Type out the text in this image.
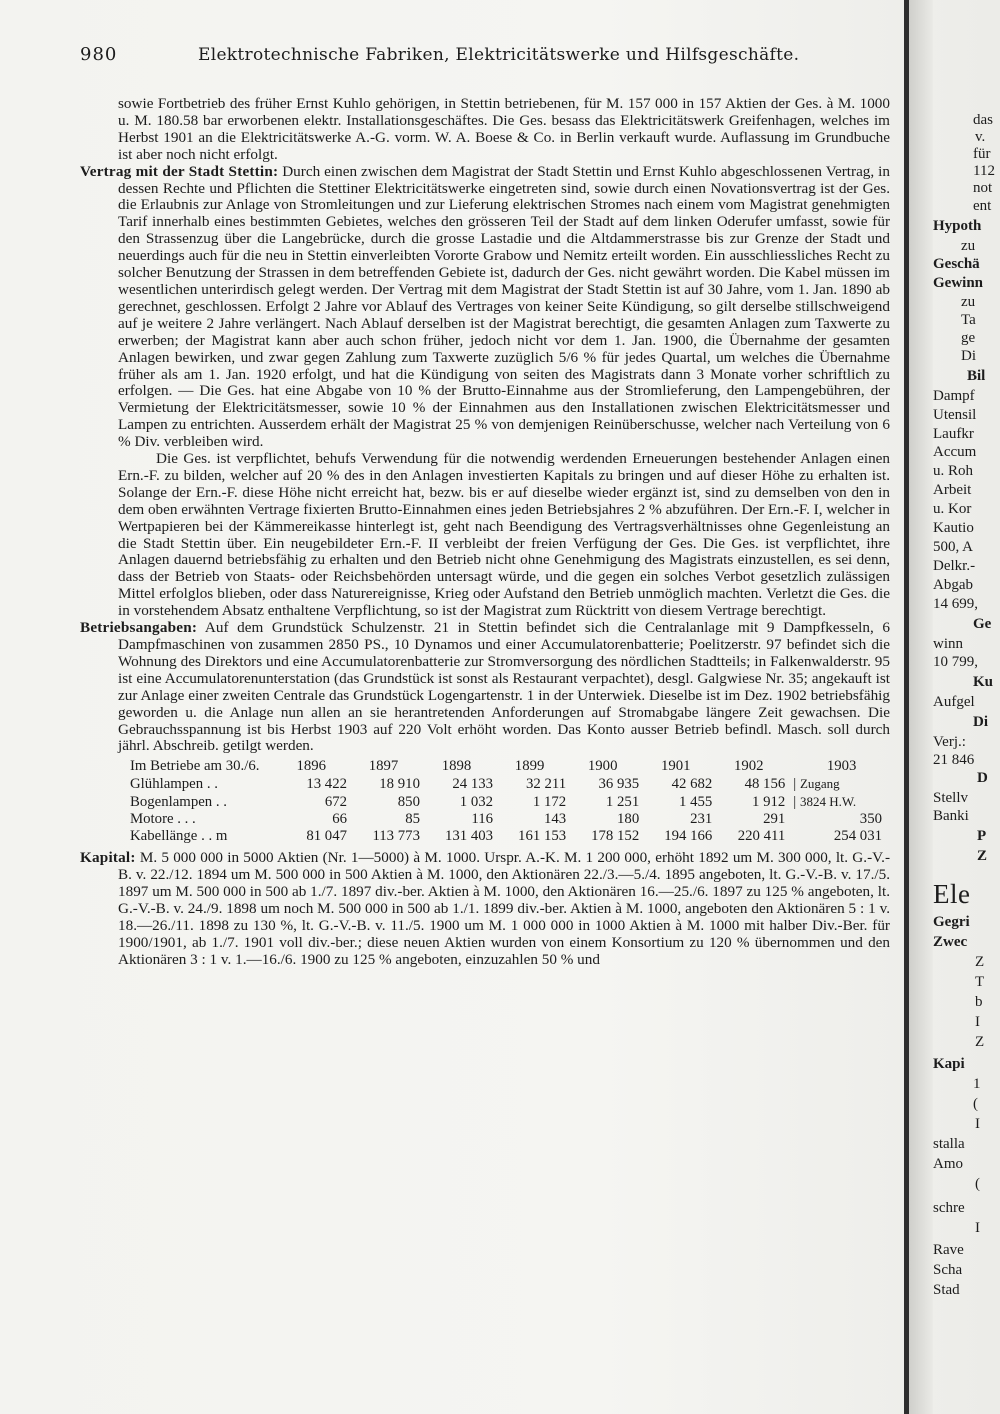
980	Elektrotechnische Fabriken, Elektricitätswerke und Hilfsgeschäfte.

sowie Fortbetrieb des früher Ernst Kuhlo gehörigen, in Stettin betriebenen, für M. 157 000 in 157 Aktien der Ges. à M. 1000 u. M. 180.58 bar erworbenen elektr. Installationsgeschäftes. Die Ges. besass das Elektricitätswerk Greifenhagen, welches im Herbst 1901 an die Elektricitätswerke A.-G. vorm. W. A. Boese & Co. in Berlin verkauft wurde. Auflassung im Grundbuche ist aber noch nicht erfolgt.

Vertrag mit der Stadt Stettin: Durch einen zwischen dem Magistrat der Stadt Stettin und Ernst Kuhlo abgeschlossenen Vertrag, in dessen Rechte und Pflichten die Stettiner Elektricitätswerke eingetreten sind, sowie durch einen Novationsvertrag ist der Ges. die Erlaubnis zur Anlage von Stromleitungen und zur Lieferung elektrischen Stromes nach einem vom Magistrat genehmigten Tarif innerhalb eines bestimmten Gebietes, welches den grösseren Teil der Stadt auf dem linken Oderufer umfasst, sowie für den Strassenzug über die Langebrücke, durch die grosse Lastadie und die Altdammerstrasse bis zur Grenze der Stadt und neuerdings auch für die neu in Stettin einverleibten Vororte Grabow und Nemitz erteilt worden. Ein ausschliessliches Recht zu solcher Benutzung der Strassen in dem betreffenden Gebiete ist, dadurch der Ges. nicht gewährt worden. Die Kabel müssen im wesentlichen unterirdisch gelegt werden. Der Vertrag mit dem Magistrat der Stadt Stettin ist auf 30 Jahre, vom 1. Jan. 1890 ab gerechnet, geschlossen. Erfolgt 2 Jahre vor Ablauf des Vertrages von keiner Seite Kündigung, so gilt derselbe stillschweigend auf je weitere 2 Jahre verlängert. Nach Ablauf derselben ist der Magistrat berechtigt, die gesamten Anlagen zum Taxwerte zu erwerben; der Magistrat kann aber auch schon früher, jedoch nicht vor dem 1. Jan. 1900, die Übernahme der gesamten Anlagen bewirken, und zwar gegen Zahlung zum Taxwerte zuzüglich 5/6 % für jedes Quartal, um welches die Übernahme früher als am 1. Jan. 1920 erfolgt, und hat die Kündigung von seiten des Magistrats dann 3 Monate vorher schriftlich zu erfolgen. — Die Ges. hat eine Abgabe von 10 % der Brutto-Einnahme aus der Stromlieferung, den Lampengebühren, der Vermietung der Elektricitätsmesser, sowie 10 % der Einnahmen aus den Installationen zwischen Elektricitätsmesser und Lampen zu entrichten. Ausserdem erhält der Magistrat 25 % von demjenigen Reinüberschusse, welcher nach Verteilung von 6 % Div. verbleiben wird.

Die Ges. ist verpflichtet, behufs Verwendung für die notwendig werdenden Erneuerungen bestehender Anlagen einen Ern.-F. zu bilden, welcher auf 20 % des in den Anlagen investierten Kapitals zu bringen und auf dieser Höhe zu erhalten ist. Solange der Ern.-F. diese Höhe nicht erreicht hat, bezw. bis er auf dieselbe wieder ergänzt ist, sind zu demselben von den in dem oben erwähnten Vertrage fixierten Brutto-Einnahmen eines jeden Betriebsjahres 2 % abzuführen. Der Ern.-F. I, welcher in Wertpapieren bei der Kämmereikasse hinterlegt ist, geht nach Beendigung des Vertragsverhältnisses ohne Gegenleistung an die Stadt Stettin über. Ein neugebildeter Ern.-F. II verbleibt der freien Verfügung der Ges. Die Ges. ist verpflichtet, ihre Anlagen dauernd betriebsfähig zu erhalten und den Betrieb nicht ohne Genehmigung des Magistrats einzustellen, es sei denn, dass der Betrieb von Staats- oder Reichsbehörden untersagt würde, und die gegen ein solches Verbot gesetzlich zulässigen Mittel erfolglos blieben, oder dass Naturereignisse, Krieg oder Aufstand den Betrieb unmöglich machten. Verletzt die Ges. die in vorstehendem Absatz enthaltene Verpflichtung, so ist der Magistrat zum Rücktritt von diesem Vertrage berechtigt.

Betriebsangaben: Auf dem Grundstück Schulzenstr. 21 in Stettin befindet sich die Centralanlage mit 9 Dampfkesseln, 6 Dampfmaschinen von zusammen 2850 PS., 10 Dynamos und einer Accumulatorenbatterie; Poelitzerstr. 97 befindet sich die Wohnung des Direktors und eine Accumulatorenbatterie zur Stromversorgung des nördlichen Stadtteils; in Falkenwalderstr. 95 ist eine Accumulatorenunterstation (das Grundstück ist sonst als Restaurant verpachtet), desgl. Galgwiese Nr. 35; angekauft ist zur Anlage einer zweiten Centrale das Grundstück Logengartenstr. 1 in der Unterwiek. Dieselbe ist im Dez. 1902 betriebsfähig geworden u. die Anlage nun allen an sie herantretenden Anforderungen auf Stromabgabe längere Zeit gewachsen. Die Gebrauchsspannung ist bis Herbst 1903 auf 220 Volt erhöht worden. Das Konto ausser Betrieb befindl. Masch. soll durch jährl. Abschreib. getilgt werden.

Im Betriebe am 30./6.	1896	1897	1898	1899	1900	1901	1902	1903
Glühlampen . .	13 422	18 910	24 133	32 211	36 935	42 682	48 156	| Zugang
Bogenlampen . .	672	850	1 032	1 172	1 251	1 455	1 912	| 3824 H.W.
Motore . . .	66	85	116	143	180	231	291	350
Kabellänge . . m	81 047	113 773	131 403	161 153	178 152	194 166	220 411	254 031

Kapital: M. 5 000 000 in 5000 Aktien (Nr. 1—5000) à M. 1000. Urspr. A.-K. M. 1 200 000, erhöht 1892 um M. 300 000, lt. G.-V.-B. v. 22./12. 1894 um M. 500 000 in 500 Aktien à M. 1000, den Aktionären 22./3.—5./4. 1895 angeboten, lt. G.-V.-B. v. 17./5. 1897 um M. 500 000 in 500 ab 1./7. 1897 div.-ber. Aktien à M. 1000, den Aktionären 16.—25./6. 1897 zu 125 % angeboten, lt. G.-V.-B. v. 24./9. 1898 um noch M. 500 000 in 500 ab 1./1. 1899 div.-ber. Aktien à M. 1000, angeboten den Aktionären 5 : 1 v. 18.—26./11. 1898 zu 130 %, lt. G.-V.-B. v. 11./5. 1900 um M. 1 000 000 in 1000 Aktien à M. 1000 mit halber Div.-Ber. für 1900/1901, ab 1./7. 1901 voll div.-ber.; diese neuen Aktien wurden von einem Konsortium zu 120 % übernommen und den Aktionären 3 : 1 v. 1.—16./6. 1900 zu 125 % angeboten, einzuzahlen 50 % und

das
v.
für
112
not
ent
Hypoth
zu
Geschä
Gewinn
zu
Ta
ge
Di
Bil
Dampf
Utensil
Laufkr
Accum
u. Roh
Arbeit
u. Kor
Kautio
500, A
Delkr.-
Abgab
14 699,
Ge
winn
10 799,
Ku
Aufgel
Di
Verj.:
21 846
D
Stellv
Banki
P
Z
Ele
Gegri
Zwec
Z
T
b
I
Z
Kapi
1
(
I
stalla
Amo
(
schre
I
Rave
Scha
Stad
